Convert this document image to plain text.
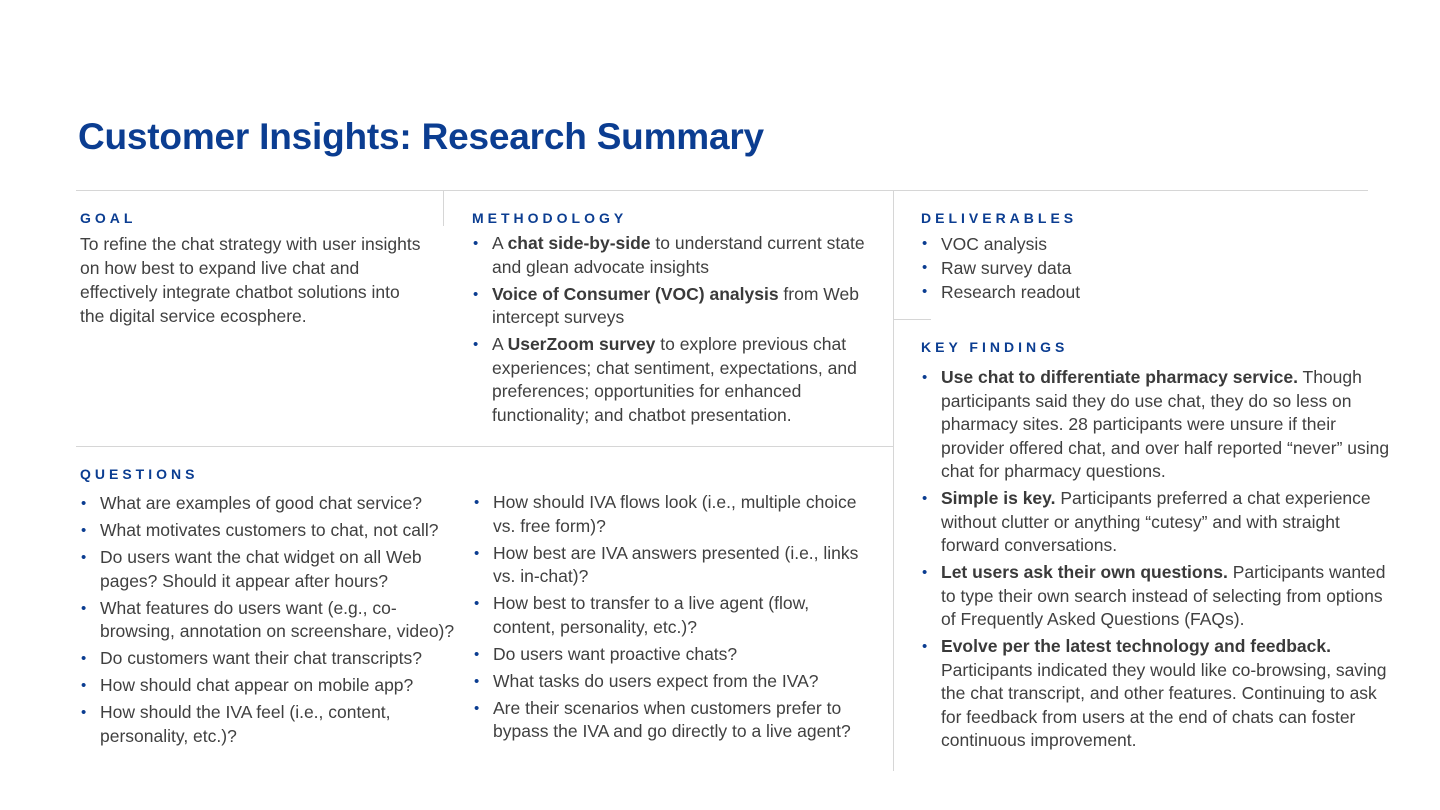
Customer Insights: Research Summary
GOAL

To refine the chat strategy with user insights on how best to expand live chat and effectively integrate chatbot solutions into the digital service ecosphere.

METHODOLOGY
• A chat side-by-side to understand current state and glean advocate insights
• Voice of Consumer (VOC) analysis from Web intercept surveys
• A UserZoom survey to explore previous chat experiences; chat sentiment, expectations, and preferences; opportunities for enhanced functionality; and chatbot presentation.
DELIVERABLES
• VOC analysis
• Raw survey data
• Research readout
KEY FINDINGS
• Use chat to differentiate pharmacy service. Though participants said they do use chat, they do so less on pharmacy sites. 28 participants were unsure if their provider offered chat, and over half reported “never” using chat for pharmacy questions.
• Simple is key. Participants preferred a chat experience without clutter or anything “cutesy” and with straight forward conversations.
• Let users ask their own questions. Participants wanted to type their own search instead of selecting from options of Frequently Asked Questions (FAQs).
• Evolve per the latest technology and feedback. Participants indicated they would like co-browsing, saving the chat transcript, and other features. Continuing to ask for feedback from users at the end of chats can foster continuous improvement.
QUESTIONS
• What are examples of good chat service?
• What motivates customers to chat, not call?
• Do users want the chat widget on all Web pages? Should it appear after hours?
• What features do users want (e.g., co-browsing, annotation on screenshare, video)?
• Do customers want their chat transcripts?
• How should chat appear on mobile app?
• How should the IVA feel (i.e., content, personality, etc.)?
• How should IVA flows look (i.e., multiple choice vs. free form)?
• How best are IVA answers presented (i.e., links vs. in-chat)?
• How best to transfer to a live agent (flow, content, personality, etc.)?
• Do users want proactive chats?
• What tasks do users expect from the IVA?
• Are their scenarios when customers prefer to bypass the IVA and go directly to a live agent?
